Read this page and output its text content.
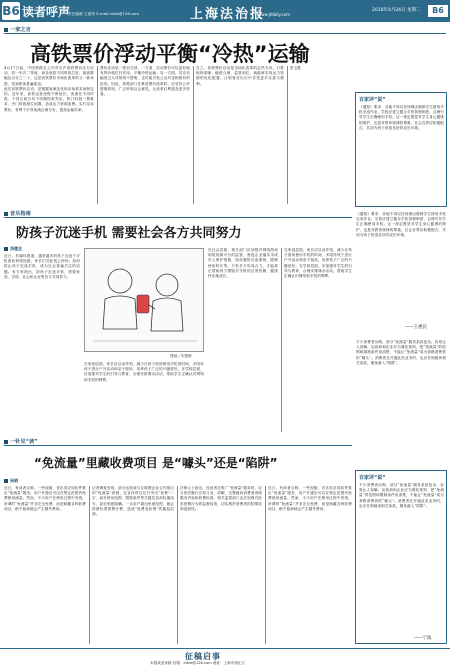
B6 读者呼声
责任编辑 王建荣 E-mail:lrdzb@126.com	上海法治报
www.jfdaily.com
2018年4月24日 星期二	B6
一家之言
高铁票价浮动平衡“冷热”运输

4月17日起，中国铁路总公司对京沪高铁票价实行浮动，同一车次二等座、商务座按不同时段打折，最高降幅达百分之二十。这是高铁票价市场化改革的又一新举措，受到旅客普遍欢迎。

此次高铁票价浮动，是根据客流变化和市场需求而制定的。近年来，高铁运营里程不断延长，客流在不同时段、不同区间分布不均衡现象突出。热门时段一票难求，冷门时段座位闲置，造成运力资源浪费。实行浮动票价，有利于引导客流合理分布，提高运输效率。

票价浮动是一把双刃剑。一方面，浮动票价可以更好地发挥价格杠杆作用，平衡冷热运输；另一方面，若浮动幅度过大或规则不透明，也可能引发公众对变相涨价的担忧。因此，铁路部门在推进票价改革时，应坚持公开透明原则，广泛听取社会意见，让改革红利惠及更多旅客。

总之，高铁票价浮动是市场化改革的必然方向。只要规则清晰、幅度合理、监管到位，就能够实现运力资源的优化配置，让旅客在出行中享受更多实惠与便利。

张玉胜

百家评“说”
《通知》要求：各地不得以任何理由强制学生使用手机完成作业，学校应建立健全手机管理制度，合理引导学生正确使用手机。这一规定既是对学生身心健康的保护，也是对教育规律的尊重。社会各界应积极配合，共同为孩子营造良好的成长环境。
音乐指南
防孩子沉迷手机 需要社会各方共同努力
汤建全

近日，有媒体报道，越来越多的孩子沉迷于手机游戏和短视频，家长们对此忧心忡忡。如何防止孩子沉迷手机，成为社会普遍关注的话题。有专家指出，防孩子沉迷手机，需要家庭、学校、社会和企业等各方共同努力。

漫画 / 朱慧卿

在家庭层面，家长应以身作则，减少在孩子面前使用手机的时间，多陪伴孩子进行户外活动和亲子阅读，培养孩子广泛的兴趣爱好。在学校层面，应加强对学生的引导与教育，合理安排课余活动，帮助学生正确认识网络和手机的利弊。

在社会层面，相关部门应加强对网络游戏和短视频平台的监管，督促企业落实未成年人保护措施，如设置防沉迷系统、限制使用时长等。只有多方形成合力，才能真正帮助孩子摆脱对手机的过度依赖，健康快乐地成长。

在家庭层面，家长应以身作则，减少在孩子面前使用手机的时间，多陪伴孩子进行户外活动和亲子阅读，培养孩子广泛的兴趣爱好。在学校层面，应加强对学生的引导与教育，合理安排课余活动，帮助学生正确认识网络和手机的利弊。

《通知》要求：各地不得以任何理由强制学生使用手机完成作业，学校应建立健全手机管理制度，合理引导学生正确使用手机。这一规定既是对学生身心健康的保护，也是对教育规律的尊重。社会各界应积极配合，共同为孩子营造良好的成长环境。

——王惠民
一针见“读”
“免流量”里藏收费项目 是“噱头”还是“陷阱”
吴晓

近日，有读者反映，一些视频、音乐类应用软件推出“免流量”服务，用户开通后可以在特定范围内免费使用流量。然而，不少用户在使用过程中发现，所谓的“免流量”并非完全免费，而是暗藏各种收费项目，稍不留神就会产生额外费用。

记者调查发现，部分运营商与互联网企业合作推出的“免流量”套餐，在宣传时往往只突出“免费”二字，而对使用范围、限制条件等关键信息却轻描淡写，甚至刻意隐瞒。一旦用户超出免流范围，就会按照标准资费计费，造成“免费变收费”的尴尬局面。

法律人士指出，经营者在推广“免流量”服务时，应当依法履行告知义务，清晰、完整地向消费者说明服务内容和收费标准。相关监管部门也应加强对此类营销行为的监督检查，切实维护消费者的知情权和选择权。

近日，有读者反映，一些视频、音乐类应用软件推出“免流量”服务，用户开通后可以在特定范围内免费使用流量。然而，不少用户在使用过程中发现，所谓的“免流量”并非完全免费，而是暗藏各种收费项目，稍不留神就会产生额外费用。

百家评“说”
不少消费者反映，部分“免流量”服务条款复杂，容易让人误解。运营商和企业应当简化规则，把“免流量”的范围和限制条件说清楚，不能让“免流量”成为套路消费者的“噱头”。消费者在开通此类业务时，也应仔细阅读相关条款，避免落入“陷阱”。
——宁波

不少消费者反映，部分“免流量”服务条款复杂，容易让人误解。运营商和企业应当简化规则，把“免流量”的范围和限制条件说清楚，不能让“免流量”成为套路消费者的“噱头”。消费者在开通此类业务时，也应仔细阅读相关条款，避免落入“陷阱”。

征稿启事
本版欢迎来稿 信箱：lrdzb@126.com 地址：上海市徐汇区
